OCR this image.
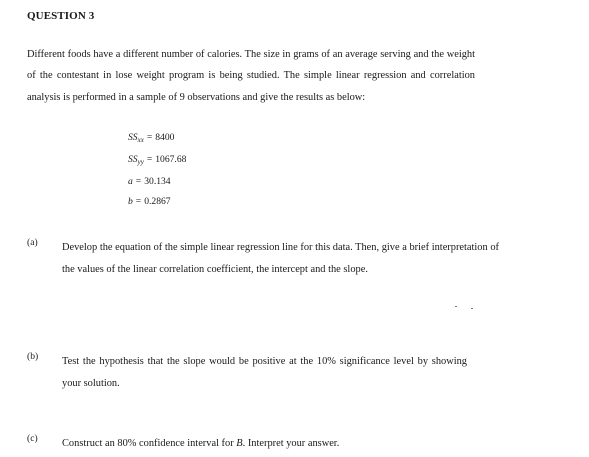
QUESTION 3

Different foods have a different number of calories. The size in grams of an average serving and the weight of the contestant in lose weight program is being studied. The simple linear regression and correlation analysis is performed in a sample of 9 observations and give the results as below:

$SS_{xx} = 8400$
$SS_{yy} = 1067.68$
a = 30.134
b = 0.2867
(a) Develop the equation of the simple linear regression line for this data. Then, give a brief interpretation of the values of the linear correlation coefficient, the intercept and the slope.

(b) Test the hypothesis that the slope would be positive at the 10% significance level by showing your solution.

(c) Construct an 80% confidence interval for B. Interpret your answer.
